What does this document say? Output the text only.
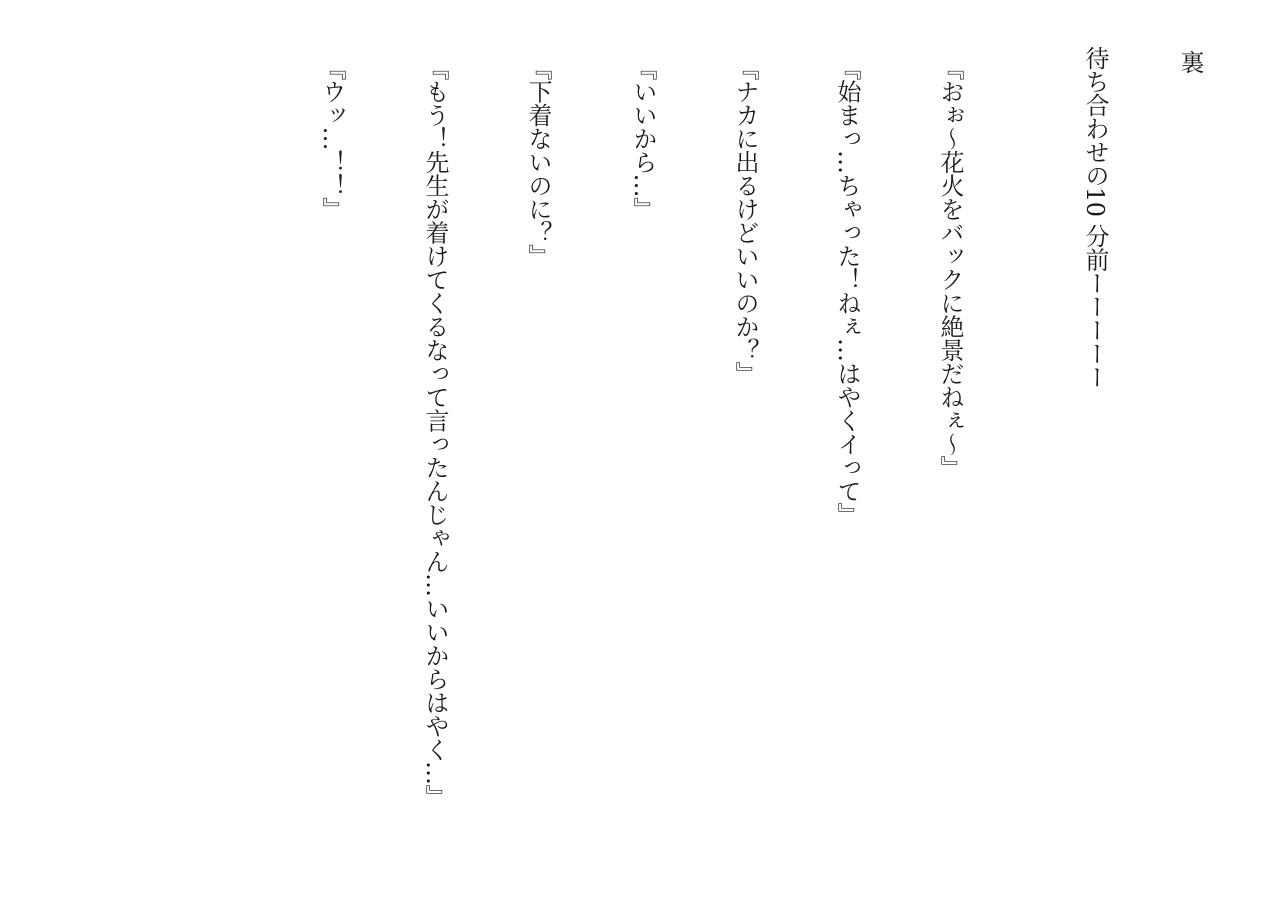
裏
待ち合わせの10 分前ーーーーー
『おぉ〜花火をバックに絶景だねぇ〜』
『始まっ…ちゃった！ねぇ…はやくイって』
『ナカに出るけどいいのか？』
『いいから…』
『下着ないのに？』
『もう！先生が着けてくるなって言ったんじゃん…いいからはやく…』
『ウッ…！！』
